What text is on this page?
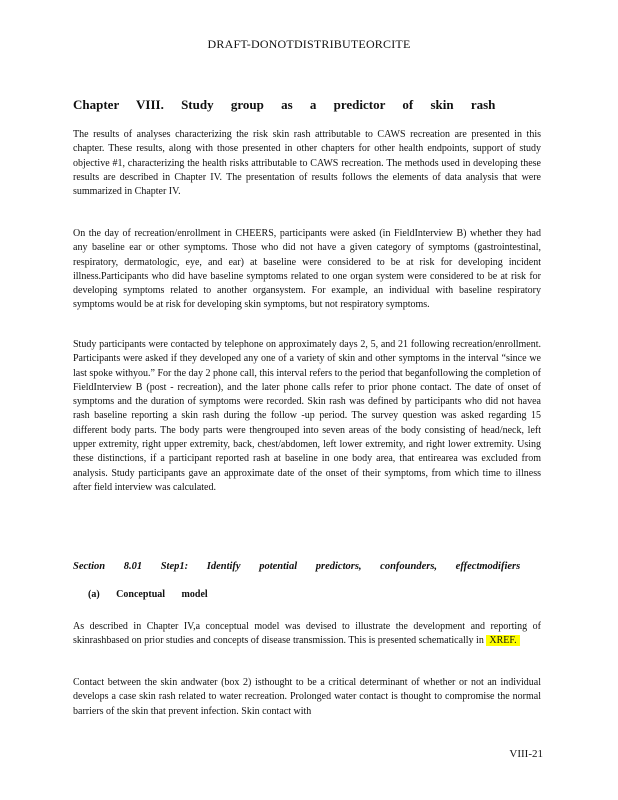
DRAFT-DONOTDISTRIBUTEORCITE
Chapter VIII. Study group as a predictor of skin rash

The results of analyses characterizing the risk skin rash attributable to CAWS recreation are presented in this chapter. These results, along with those presented in other chapters for other health endpoints, support of study objective #1, characterizing the health risks attributable to CAWS recreation. The methods used in developing these results are described in Chapter IV. The presentation of results follows the elements of data analysis that were summarized in Chapter IV.

On the day of recreation/enrollment in CHEERS, participants were asked (in FieldInterview B) whether they had any baseline ear or other symptoms. Those who did not have a given category of symptoms (gastrointestinal, respiratory, dermatologic, eye, and ear) at baseline were considered to be at risk for developing incident illness.Participants who did have baseline symptoms related to one organ system were considered to be at risk for developing symptoms related to another organsystem. For example, an individual with baseline respiratory symptoms would be at risk for developing skin symptoms, but not respiratory symptoms.

Study participants were contacted by telephone on approximately days 2, 5, and 21 following recreation/enrollment. Participants were asked if they developed any one of a variety of skin and other symptoms in the interval “since we last spoke withyou.” For the day 2 phone call, this interval refers to the period that beganfollowing the completion of FieldInterview B (post - recreation), and the later phone calls refer to prior phone contact. The date of onset of symptoms and the duration of symptoms were recorded. Skin rash was defined by participants who did not havea rash baseline reporting a skin rash during the follow -up period. The survey question was asked regarding 15 different body parts. The body parts were thengrouped into seven areas of the body consisting of head/neck, left upper extremity, right upper extremity, back, chest/abdomen, left lower extremity, and right lower extremity. Using these distinctions, if a participant reported rash at baseline in one body area, that entirearea was excluded from analysis. Study participants gave an approximate date of the onset of their symptoms, from which time to illness after field interview was calculated.

Section 8.01 Step1: Identify potential predictors, confounders, effectmodifiers
(a) Conceptual model

As described in Chapter IV,a conceptual model was devised to illustrate the development and reporting of skinrashbased on prior studies and concepts of disease transmission. This is presented schematically in XREF.

Contact between the skin andwater (box 2) isthought to be a critical determinant of whether or not an individual develops a case skin rash related to water recreation. Prolonged water contact is thought to compromise the normal barriers of the skin that prevent infection. Skin contact with

VIII-21
